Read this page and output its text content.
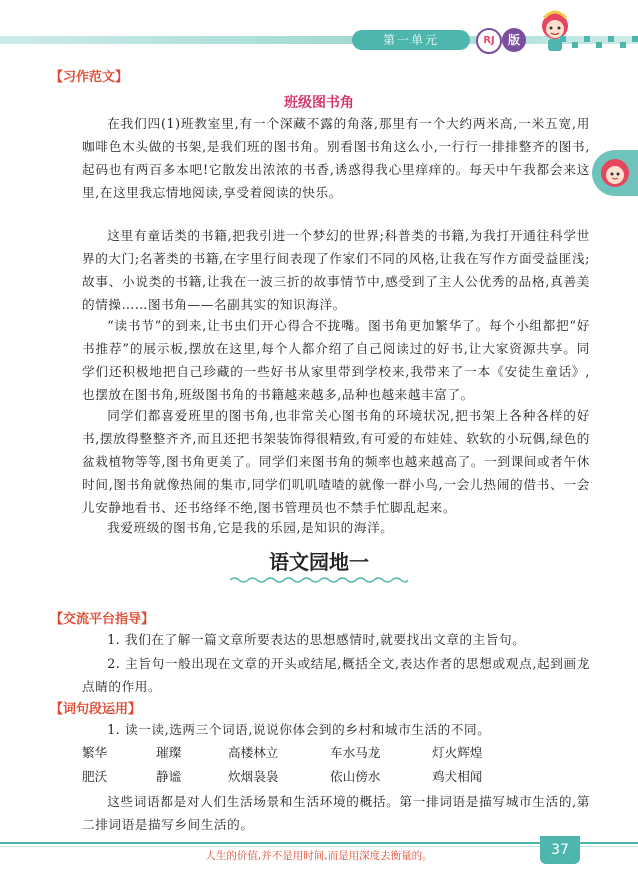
第一单元	RJ	版
【习作范文】
班级图书角

在我们四(1)班教室里,有一个深藏不露的角落,那里有一个大约两米高,一米五宽,用咖啡色木头做的书架,是我们班的图书角。别看图书角这么小,一行行一排排整齐的图书,起码也有两百多本吧!它散发出浓浓的书香,诱惑得我心里痒痒的。每天中午我都会来这里,在这里我忘情地阅读,享受着阅读的快乐。

这里有童话类的书籍,把我引进一个梦幻的世界;科普类的书籍,为我打开通往科学世界的大门;名著类的书籍,在字里行间表现了作家们不同的风格,让我在写作方面受益匪浅;故事、小说类的书籍,让我在一波三折的故事情节中,感受到了主人公优秀的品格,真善美的情操……图书角——名副其实的知识海洋。

“读书节”的到来,让书虫们开心得合不拢嘴。图书角更加繁华了。每个小组都把“好书推荐”的展示板,摆放在这里,每个人都介绍了自己阅读过的好书,让大家资源共享。同学们还积极地把自己珍藏的一些好书从家里带到学校来,我带来了一本《安徒生童话》,也摆放在图书角,班级图书角的书籍越来越多,品种也越来越丰富了。

同学们都喜爱班里的图书角,也非常关心图书角的环境状况,把书架上各种各样的好书,摆放得整整齐齐,而且还把书架装饰得很精致,有可爱的布娃娃、软软的小玩偶,绿色的盆栽植物等等,图书角更美了。同学们来图书角的频率也越来越高了。一到课间或者午休时间,图书角就像热闹的集市,同学们叽叽喳喳的就像一群小鸟,一会儿热闹的借书、一会儿安静地看书、还书络绎不绝,图书管理员也不禁手忙脚乱起来。

我爱班级的图书角,它是我的乐园,是知识的海洋。

语文园地一
【交流平台指导】

1. 我们在了解一篇文章所要表达的思想感情时,就要找出文章的主旨句。

2. 主旨句一般出现在文章的开头或结尾,概括全文,表达作者的思想或观点,起到画龙点睛的作用。

【词句段运用】

1. 读一读,选两三个词语,说说你体会到的乡村和城市生活的不同。

繁华	璀璨	高楼林立	车水马龙	灯火辉煌
肥沃	静谧	炊烟袅袅	依山傍水	鸡犬相闻

这些词语都是对人们生活场景和生活环境的概括。第一排词语是描写城市生活的,第二排词语是描写乡间生活的。

人生的价值,并不是用时间,而是用深度去衡量的。	37
